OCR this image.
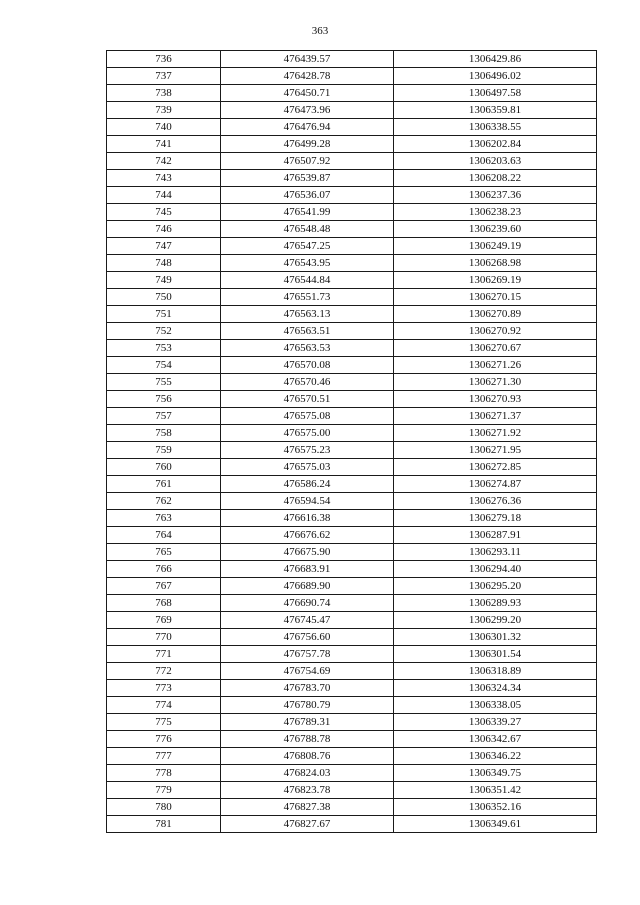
363
736	476439.57	1306429.86
737	476428.78	1306496.02
738	476450.71	1306497.58
739	476473.96	1306359.81
740	476476.94	1306338.55
741	476499.28	1306202.84
742	476507.92	1306203.63
743	476539.87	1306208.22
744	476536.07	1306237.36
745	476541.99	1306238.23
746	476548.48	1306239.60
747	476547.25	1306249.19
748	476543.95	1306268.98
749	476544.84	1306269.19
750	476551.73	1306270.15
751	476563.13	1306270.89
752	476563.51	1306270.92
753	476563.53	1306270.67
754	476570.08	1306271.26
755	476570.46	1306271.30
756	476570.51	1306270.93
757	476575.08	1306271.37
758	476575.00	1306271.92
759	476575.23	1306271.95
760	476575.03	1306272.85
761	476586.24	1306274.87
762	476594.54	1306276.36
763	476616.38	1306279.18
764	476676.62	1306287.91
765	476675.90	1306293.11
766	476683.91	1306294.40
767	476689.90	1306295.20
768	476690.74	1306289.93
769	476745.47	1306299.20
770	476756.60	1306301.32
771	476757.78	1306301.54
772	476754.69	1306318.89
773	476783.70	1306324.34
774	476780.79	1306338.05
775	476789.31	1306339.27
776	476788.78	1306342.67
777	476808.76	1306346.22
778	476824.03	1306349.75
779	476823.78	1306351.42
780	476827.38	1306352.16
781	476827.67	1306349.61
